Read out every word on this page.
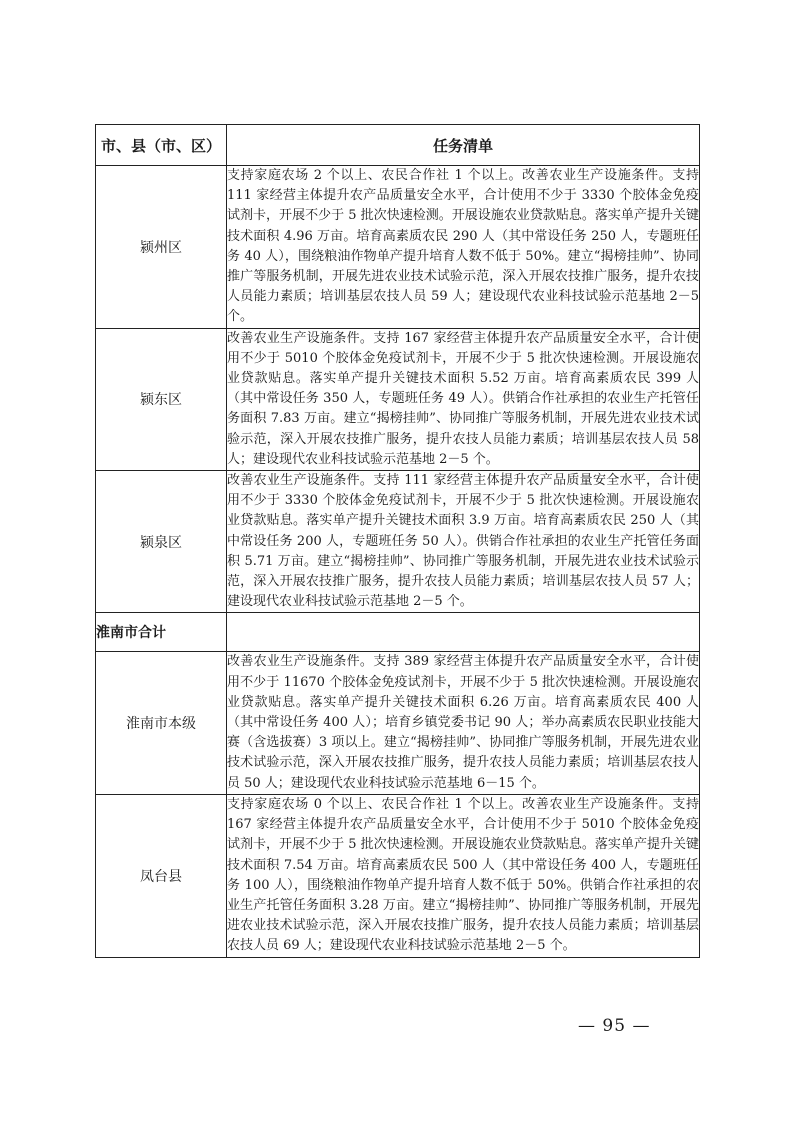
市、县（市、区）	任务清单
颍州区	支持家庭农场 2 个以上、农民合作社 1 个以上。改善农业生产设施条件。支持 111 家经营主体提升农产品质量安全水平，合计使用不少于 3330 个胶体金免疫试剂卡，开展不少于 5 批次快速检测。开展设施农业贷款贴息。落实单产提升关键技术面积 4.96 万亩。培育高素质农民 290 人（其中常设任务 250 人，专题班任务 40 人），围绕粮油作物单产提升培育人数不低于 50%。建立“揭榜挂帅”、协同推广等服务机制，开展先进农业技术试验示范，深入开展农技推广服务，提升农技人员能力素质；培训基层农技人员 59 人；建设现代农业科技试验示范基地 2－5 个。
颍东区	改善农业生产设施条件。支持 167 家经营主体提升农产品质量安全水平，合计使用不少于 5010 个胶体金免疫试剂卡，开展不少于 5 批次快速检测。开展设施农业贷款贴息。落实单产提升关键技术面积 5.52 万亩。培育高素质农民 399 人（其中常设任务 350 人，专题班任务 49 人）。供销合作社承担的农业生产托管任务面积 7.83 万亩。建立“揭榜挂帅”、协同推广等服务机制，开展先进农业技术试验示范，深入开展农技推广服务，提升农技人员能力素质；培训基层农技人员 58 人；建设现代农业科技试验示范基地 2－5 个。
颍泉区	改善农业生产设施条件。支持 111 家经营主体提升农产品质量安全水平，合计使用不少于 3330 个胶体金免疫试剂卡，开展不少于 5 批次快速检测。开展设施农业贷款贴息。落实单产提升关键技术面积 3.9 万亩。培育高素质农民 250 人（其中常设任务 200 人，专题班任务 50 人）。供销合作社承担的农业生产托管任务面积 5.71 万亩。建立“揭榜挂帅”、协同推广等服务机制，开展先进农业技术试验示范，深入开展农技推广服务，提升农技人员能力素质；培训基层农技人员 57 人；建设现代农业科技试验示范基地 2－5 个。
淮南市合计	
淮南市本级	改善农业生产设施条件。支持 389 家经营主体提升农产品质量安全水平，合计使用不少于 11670 个胶体金免疫试剂卡，开展不少于 5 批次快速检测。开展设施农业贷款贴息。落实单产提升关键技术面积 6.26 万亩。培育高素质农民 400 人（其中常设任务 400 人）；培育乡镇党委书记 90 人；举办高素质农民职业技能大赛（含选拔赛）3 项以上。建立“揭榜挂帅”、协同推广等服务机制，开展先进农业技术试验示范，深入开展农技推广服务，提升农技人员能力素质；培训基层农技人员 50 人；建设现代农业科技试验示范基地 6－15 个。
凤台县	支持家庭农场 0 个以上、农民合作社 1 个以上。改善农业生产设施条件。支持 167 家经营主体提升农产品质量安全水平，合计使用不少于 5010 个胶体金免疫试剂卡，开展不少于 5 批次快速检测。开展设施农业贷款贴息。落实单产提升关键技术面积 7.54 万亩。培育高素质农民 500 人（其中常设任务 400 人，专题班任务 100 人），围绕粮油作物单产提升培育人数不低于 50%。供销合作社承担的农业生产托管任务面积 3.28 万亩。建立“揭榜挂帅”、协同推广等服务机制，开展先进农业技术试验示范，深入开展农技推广服务，提升农技人员能力素质；培训基层农技人员 69 人；建设现代农业科技试验示范基地 2－5 个。
— 95 —
